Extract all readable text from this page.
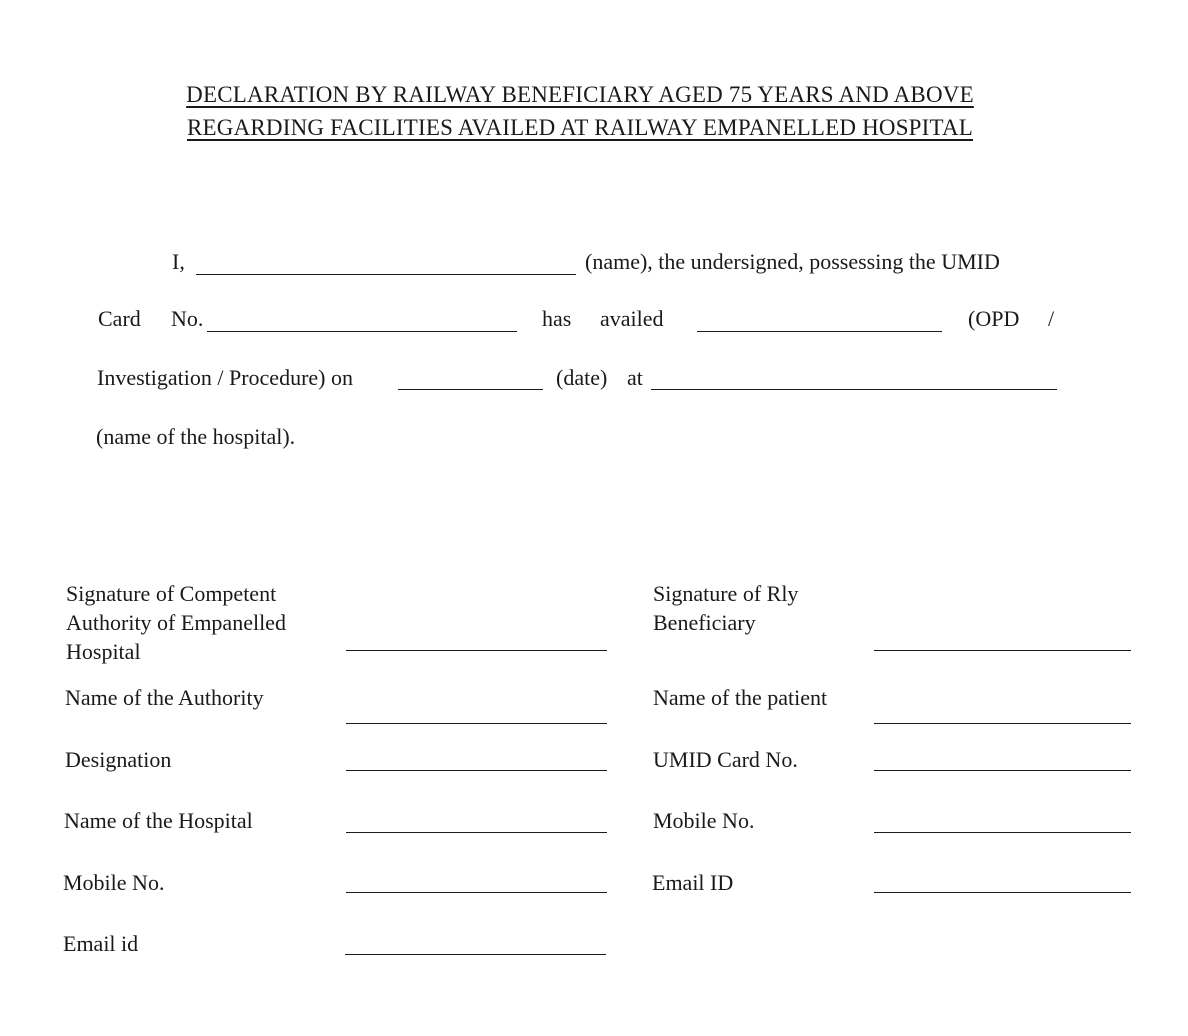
DECLARATION BY RAILWAY BENEFICIARY AGED 75 YEARS AND ABOVE
REGARDING FACILITIES AVAILED AT RAILWAY EMPANELLED HOSPITAL
I,	(name), the undersigned, possessing the UMID
Card No.	has availed	(OPD /
Investigation / Procedure) on	(date) at
(name of the hospital).
Signature of Competent
Authority of Empanelled
Hospital
Name of the Authority
Designation
Name of the Hospital
Mobile No.
Email id
Signature of Rly
Beneficiary
Name of the patient
UMID Card No.
Mobile No.
Email ID
